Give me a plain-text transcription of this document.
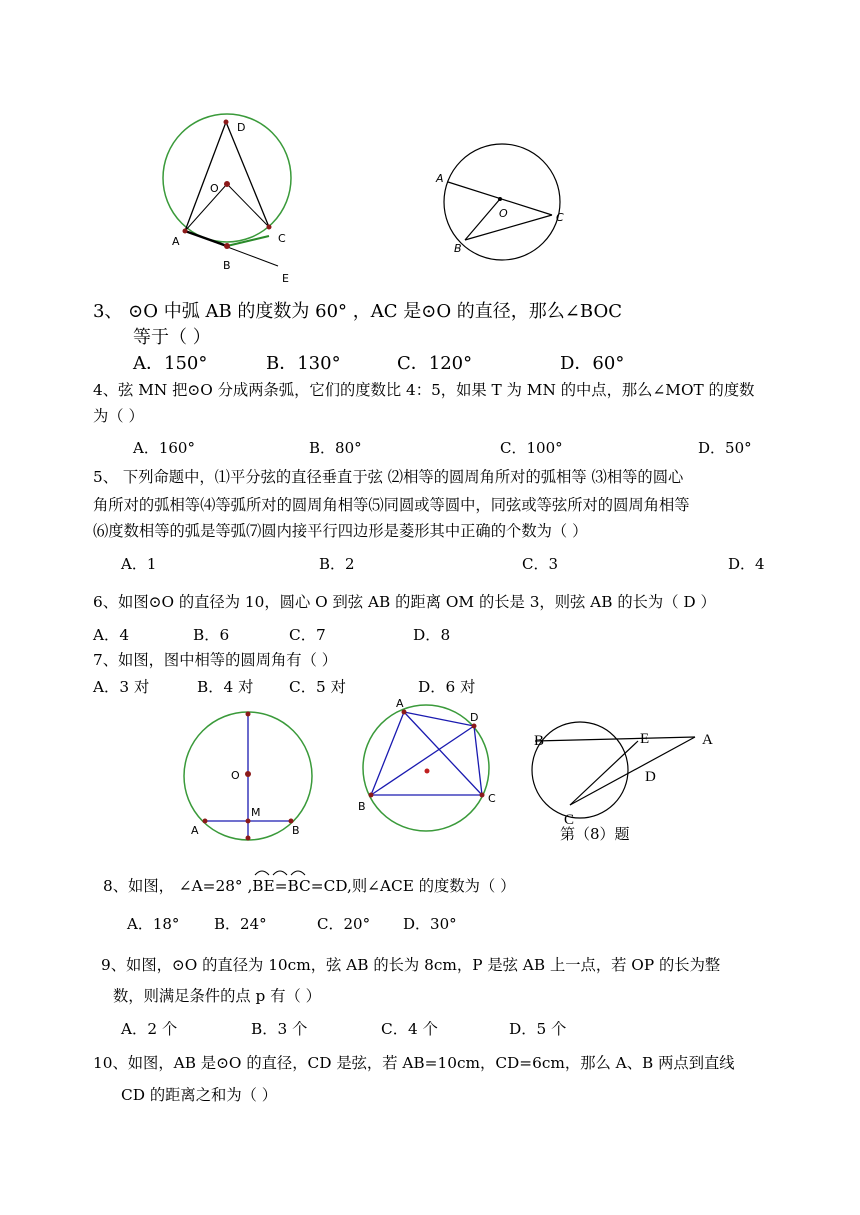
D
O
A
B
C
E
A
O
B
C
3、 ⊙O 中弧 AB 的度数为 60° ，AC 是⊙O 的直径，那么∠BOC
等于（ ）
A．150°	B．130°	C．120°	D．60°
4、弦 MN 把⊙O 分成两条弧，它们的度数比 4：5，如果 T 为 MN 的中点，那么∠MOT 的度数
为（ ）
A．160°	B．80°	C．100°	D．50°
5、 下列命题中，⑴平分弦的直径垂直于弦 ⑵相等的圆周角所对的弧相等 ⑶相等的圆心
角所对的弧相等⑷等弧所对的圆周角相等⑸同圆或等圆中，同弦或等弦所对的圆周角相等
⑹度数相等的弧是等弧⑺圆内接平行四边形是菱形其中正确的个数为（ ）
A．1	B．2	C．3	D．4
6、如图⊙O 的直径为 10，圆心 O 到弦 AB 的距离 OM 的长是 3，则弦 AB 的长为（ D ）
A．4	B．6	C．7	D．8
7、如图，图中相等的圆周角有（ ）
A．3 对	B．4 对 C．5 对	D．6 对
O
M
A	B
A
D
B
C
B	E	A
D
C
第（8）题
8、如图， ∠A=28° ,BE=BC=CD,则∠ACE 的度数为（ ）
A．18° B．24°	C．20° D．30°
9、如图，⊙O 的直径为 10cm，弦 AB 的长为 8cm，P 是弦 AB 上一点，若 OP 的长为整
数，则满足条件的点 p 有（ ）
A．2 个	B．3 个	C．4 个	D．5 个
10、如图，AB 是⊙O 的直径，CD 是弦，若 AB=10cm，CD=6cm，那么 A、B 两点到直线
CD 的距离之和为（ ）
